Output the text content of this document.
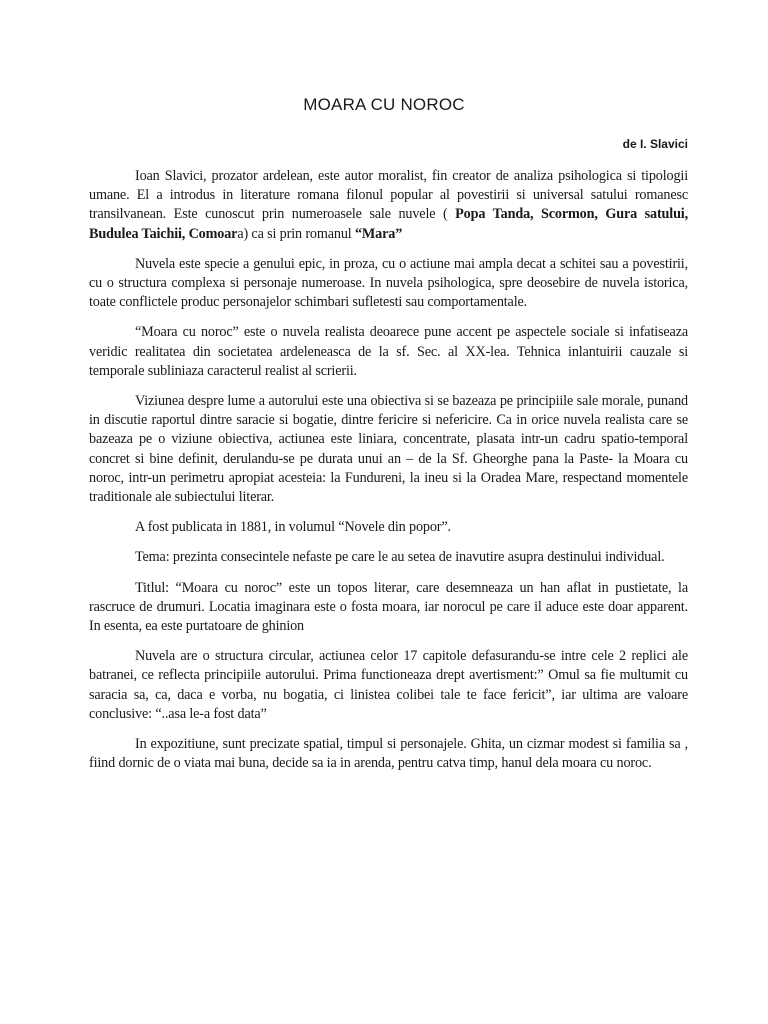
MOARA CU NOROC

de I. Slavici

Ioan Slavici, prozator ardelean, este autor moralist, fin creator de analiza psihologica si tipologii umane. El a introdus in literature romana filonul popular al povestirii si universal satului romanesc transilvanean. Este cunoscut prin numeroasele sale nuvele ( Popa Tanda, Scormon, Gura satului, Budulea Taichii, Comoara) ca si prin romanul “Mara”

Nuvela este specie a genului epic, in proza, cu o actiune mai ampla decat a schitei sau a povestirii, cu o structura complexa si personaje numeroase. In nuvela psihologica, spre deosebire de nuvela istorica, toate conflictele produc personajelor schimbari sufletesti sau comportamentale.

“Moara cu noroc” este o nuvela realista deoarece pune accent pe aspectele sociale si infatiseaza veridic realitatea din societatea ardeleneasca de la sf. Sec. al XX-lea. Tehnica inlantuirii cauzale si temporale subliniaza caracterul realist al scrierii.

Viziunea despre lume a autorului este una obiectiva si se bazeaza pe principiile sale morale, punand in discutie raportul dintre saracie si bogatie, dintre fericire si nefericire. Ca in orice nuvela realista care se bazeaza pe o viziune obiectiva, actiunea este liniara, concentrate, plasata intr-un cadru spatio-temporal concret si bine definit, derulandu-se pe durata unui an – de la Sf. Gheorghe pana la Paste- la Moara cu noroc, intr-un perimetru apropiat acesteia: la Fundureni, la ineu si la Oradea Mare, respectand momentele traditionale ale subiectului literar.

A fost publicata in 1881, in volumul “Novele din popor”.

Tema: prezinta consecintele nefaste pe care le au setea de inavutire asupra destinului individual.

Titlul: “Moara cu noroc” este un topos literar, care desemneaza un han aflat in pustietate, la rascruce de drumuri. Locatia imaginara este o fosta moara, iar norocul pe care il aduce este doar apparent. In esenta, ea este purtatoare de ghinion

Nuvela are o structura circular, actiunea celor 17 capitole defasurandu-se intre cele 2 replici ale batranei, ce reflecta principiile autorului. Prima functioneaza drept avertisment:” Omul sa fie multumit cu saracia sa, ca, daca e vorba, nu bogatia, ci linistea colibei tale te face fericit”, iar ultima are valoare conclusive: “..asa le-a fost data”

In expozitiune, sunt precizate spatial, timpul si personajele. Ghita, un cizmar modest si familia sa , fiind dornic de o viata mai buna, decide sa ia in arenda, pentru catva timp, hanul dela moara cu noroc.
